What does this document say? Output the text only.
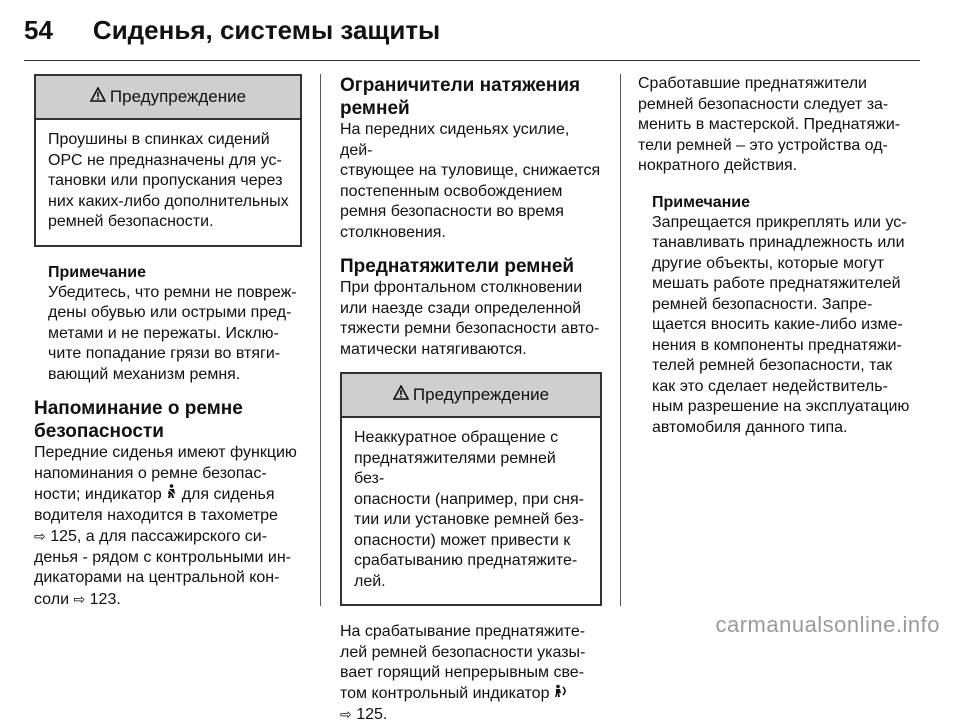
54 Сиденья, системы защиты
Предупреждение
Проушины в спинках сидений
ОРС не предназначены для ус-
тановки или пропускания через
них каких-либо дополнительных
ремней безопасности.
Примечание

Убедитесь, что ремни не повреж-

дены обувью или острыми пред-

метами и не пережаты. Исклю-

чите попадание грязи во втяги-

вающий механизм ремня.

Напоминание о ремне
безопасности

Передние сиденья имеют функцию

напоминания о ремне безопас-

ности; индикатор для сиденья

водителя находится в тахометре

⇨ 125, а для пассажирского си-

денья - рядом с контрольными ин-

дикаторами на центральной кон-

соли ⇨ 123.

Ограничители натяжения
ремней

На передних сиденьях усилие, дей-

ствующее на туловище, снижается

постепенным освобождением

ремня безопасности во время

столкновения.

Преднатяжители ремней

При фронтальном столкновении

или наезде сзади определенной

тяжести ремни безопасности авто-

матически натягиваются.

Предупреждение
Неаккуратное обращение с
преднатяжителями ремней без-
опасности (например, при сня-
тии или установке ремней без-
опасности) может привести к
срабатыванию преднатяжите-
лей.

На срабатывание преднатяжите-

лей ремней безопасности указы-

вает горящий непрерывным све-

том контрольный индикатор

⇨ 125.

Сработавшие преднатяжители

ремней безопасности следует за-

менить в мастерской. Преднатяжи-

тели ремней – это устройства од-

нократного действия.

Примечание

Запрещается прикреплять или ус-

танавливать принадлежность или

другие объекты, которые могут

мешать работе преднатяжителей

ремней безопасности. Запре-

щается вносить какие-либо изме-

нения в компоненты преднатяжи-

телей ремней безопасности, так

как это сделает недействитель-

ным разрешение на эксплуатацию

автомобиля данного типа.

carmanualsonline.info
